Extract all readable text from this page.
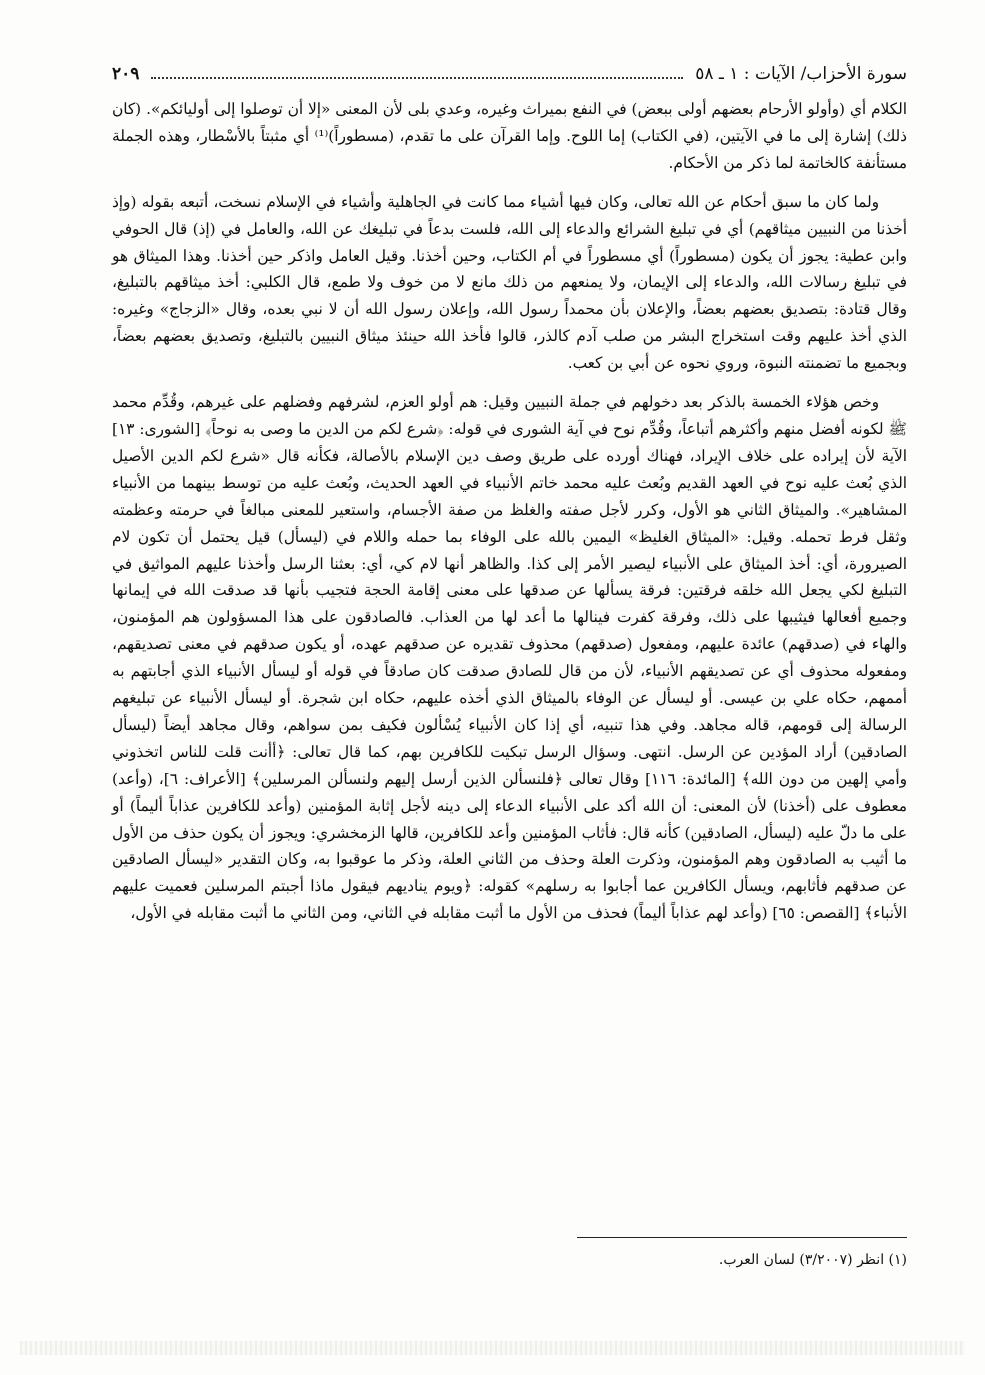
سورة الأحزاب/ الآيات : ١ ـ ٥٨
٢٠٩

الكلام أي (وأولو الأرحام بعضهم أولى ببعض) في النفع بميراث وغيره، وعدي بلى لأن المعنى «إلا أن توصلوا إلى أوليائكم». (كان ذلك) إشارة إلى ما في الآيتين، (في الكتاب) إما اللوح. وإما القرآن على ما تقدم، (مسطوراً)⁽¹⁾ أي مثبتاً بالأسْطار، وهذه الجملة مستأنفة كالخاتمة لما ذكر من الأحكام.

ولما كان ما سبق أحكام عن الله تعالى، وكان فيها أشياء مما كانت في الجاهلية وأشياء في الإسلام نسخت، أتبعه بقوله (وإذ أخذنا من النبيين ميثاقهم) أي في تبليغ الشرائع والدعاء إلى الله، فلست بدعاً في تبليغك عن الله، والعامل في (إذ) قال الحوفي وابن عطية: يجوز أن يكون (مسطوراً) أي مسطوراً في أم الكتاب، وحين أخذنا. وقيل العامل واذكر حين أخذنا. وهذا الميثاق هو في تبليغ رسالات الله، والدعاء إلى الإيمان، ولا يمنعهم من ذلك مانع لا من خوف ولا طمع، قال الكلبي: أخذ ميثاقهم بالتبليغ، وقال قتادة: بتصديق بعضهم بعضاً، والإعلان بأن محمداً رسول الله، وإعلان رسول الله أن لا نبي بعده، وقال «الزجاج» وغيره: الذي أخذ عليهم وقت استخراج البشر من صلب آدم كالذر، قالوا فأخذ الله حينئذ ميثاق النبيين بالتبليغ، وتصديق بعضهم بعضاً، وبجميع ما تضمنته النبوة، وروي نحوه عن أبي بن كعب.

وخص هؤلاء الخمسة بالذكر بعد دخولهم في جملة النبيين وقيل: هم أولو العزم، لشرفهم وفضلهم على غيرهم، وقُدِّم محمد ﷺ لكونه أفضل منهم وأكثرهم أتباعاً، وقُدِّم نوح في آية الشورى في قوله: ﴿شرع لكم من الدين ما وصى به نوحاً﴾ [الشورى: ١٣] الآية لأن إيراده على خلاف الإيراد، فهناك أورده على طريق وصف دين الإسلام بالأصالة، فكأنه قال «شرع لكم الدين الأصيل الذي بُعث عليه نوح في العهد القديم وبُعث عليه محمد خاتم الأنبياء في العهد الحديث، وبُعث عليه من توسط بينهما من الأنبياء المشاهير». والميثاق الثاني هو الأول، وكرر لأجل صفته والغلظ من صفة الأجسام، واستعير للمعنى مبالغاً في حرمته وعظمته وثقل فرط تحمله. وقيل: «الميثاق الغليظ» اليمين بالله على الوفاء بما حمله واللام في (ليسأل) قيل يحتمل أن تكون لام الصيرورة، أي: أخذ الميثاق على الأنبياء ليصير الأمر إلى كذا. والظاهر أنها لام كي، أي: بعثنا الرسل وأخذنا عليهم المواثيق في التبليغ لكي يجعل الله خلقه فرقتين: فرقة يسألها عن صدقها على معنى إقامة الحجة فتجيب بأنها قد صدقت الله في إيمانها وجميع أفعالها فيثيبها على ذلك، وفرقة كفرت فينالها ما أعد لها من العذاب. فالصادقون على هذا المسؤولون هم المؤمنون، والهاء في (صدقهم) عائدة عليهم، ومفعول (صدقهم) محذوف تقديره عن صدقهم عهده، أو يكون صدقهم في معنى تصديقهم، ومفعوله محذوف أي عن تصديقهم الأنبياء، لأن من قال للصادق صدقت كان صادقاً في قوله أو ليسأل الأنبياء الذي أجابتهم به أممهم، حكاه علي بن عيسى. أو ليسأل عن الوفاء بالميثاق الذي أخذه عليهم، حكاه ابن شجرة. أو ليسأل الأنبياء عن تبليغهم الرسالة إلى قومهم، قاله مجاهد. وفي هذا تنبيه، أي إذا كان الأنبياء يُسْألون فكيف بمن سواهم، وقال مجاهد أيضاً (ليسأل الصادقين) أراد المؤدين عن الرسل. انتهى. وسؤال الرسل تبكيت للكافرين بهم، كما قال تعالى: ﴿أأنت قلت للناس اتخذوني وأمي إلهين من دون الله﴾ [المائدة: ١١٦] وقال تعالى ﴿فلنسألن الذين أرسل إليهم ولنسألن المرسلين﴾ [الأعراف: ٦]، (وأعد) معطوف على (أخذنا) لأن المعنى: أن الله أكد على الأنبياء الدعاء إلى دينه لأجل إثابة المؤمنين (وأعد للكافرين عذاباً أليماً) أو على ما دلّ عليه (ليسأل، الصادقين) كأنه قال: فأثاب المؤمنين وأعد للكافرين، قالها الزمخشري: ويجوز أن يكون حذف من الأول ما أثيب به الصادقون وهم المؤمنون، وذكرت العلة وحذف من الثاني العلة، وذكر ما عوقبوا به، وكان التقدير «ليسأل الصادقين عن صدقهم فأثابهم، ويسأل الكافرين عما أجابوا به رسلهم» كقوله: ﴿ويوم يناديهم فيقول ماذا أجبتم المرسلين فعميت عليهم الأنباء﴾ [القصص: ٦٥] (وأعد لهم عذاباً أليماً) فحذف من الأول ما أثبت مقابله في الثاني، ومن الثاني ما أثبت مقابله في الأول،

(١) انظر (٣/٢٠٠٧) لسان العرب.
